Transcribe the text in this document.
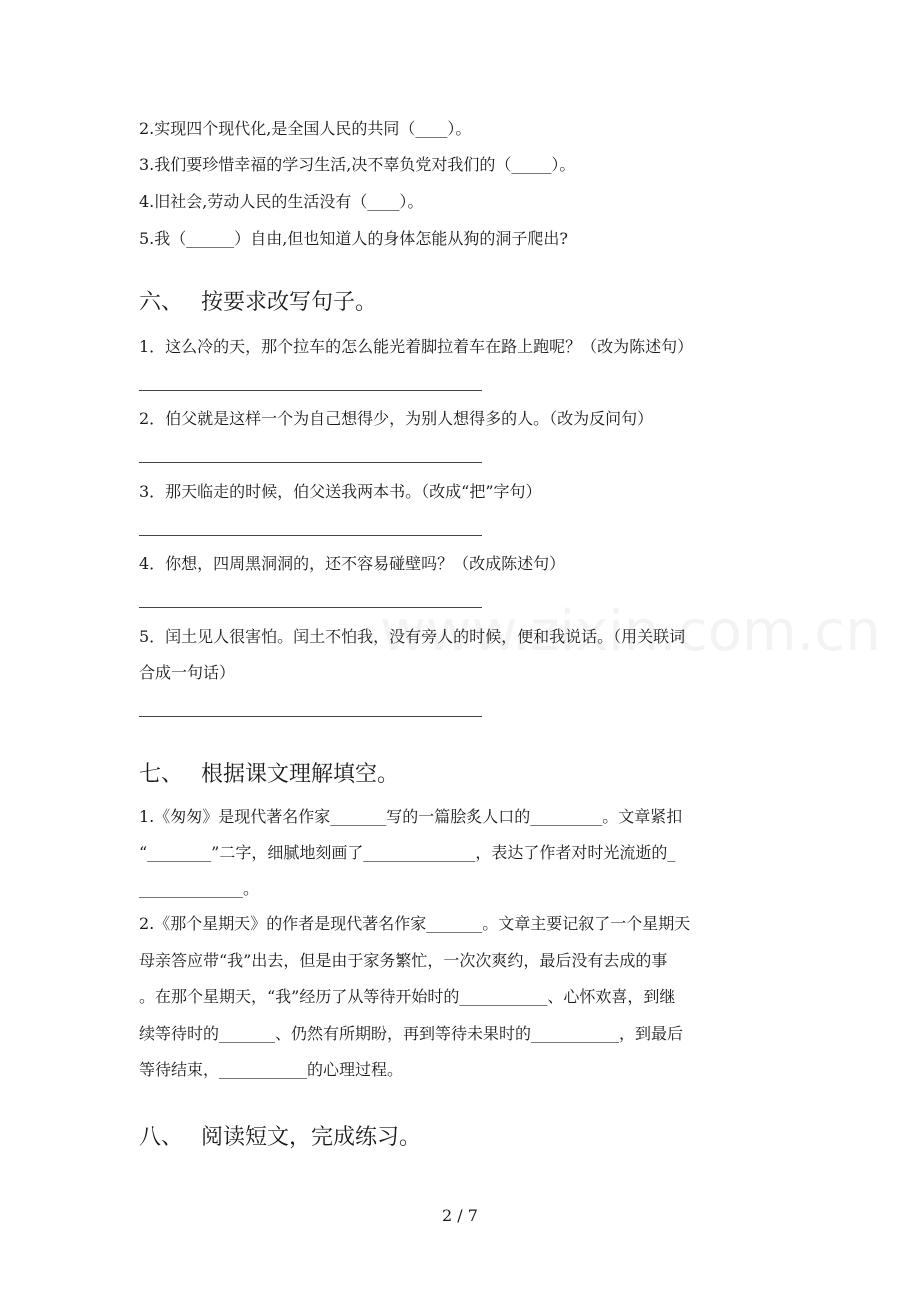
2.实现四个现代化,是全国人民的共同（____）。
3.我们要珍惜幸福的学习生活,决不辜负党对我们的（_____）。
4.旧社会,劳动人民的生活没有（____）。
5.我（______）自由,但也知道人的身体怎能从狗的洞子爬出?
六、 按要求改写句子。
1．这么冷的天，那个拉车的怎么能光着脚拉着车在路上跑呢？（改为陈述句）
2．伯父就是这样一个为自己想得少，为别人想得多的人。（改为反问句）
3．那天临走的时候，伯父送我两本书。（改成“把”字句）
4．你想，四周黑洞洞的，还不容易碰壁吗？（改成陈述句）
5．闰土见人很害怕。闰土不怕我，没有旁人的时候，便和我说话。（用关联词
合成一句话）
七、 根据课文理解填空。
1.《匆匆》是现代著名作家_______写的一篇脍炙人口的_________。文章紧扣
“________”二字，细腻地刻画了______________，表达了作者对时光流逝的_
_____________。
2.《那个星期天》的作者是现代著名作家_______。文章主要记叙了一个星期天
母亲答应带“我”出去，但是由于家务繁忙，一次次爽约，最后没有去成的事
。在那个星期天，“我”经历了从等待开始时的___________、心怀欢喜，到继
续等待时的_______、仍然有所期盼，再到等待未果时的___________，到最后
等待结束，___________的心理过程。
八、 阅读短文，完成练习。
2 / 7
